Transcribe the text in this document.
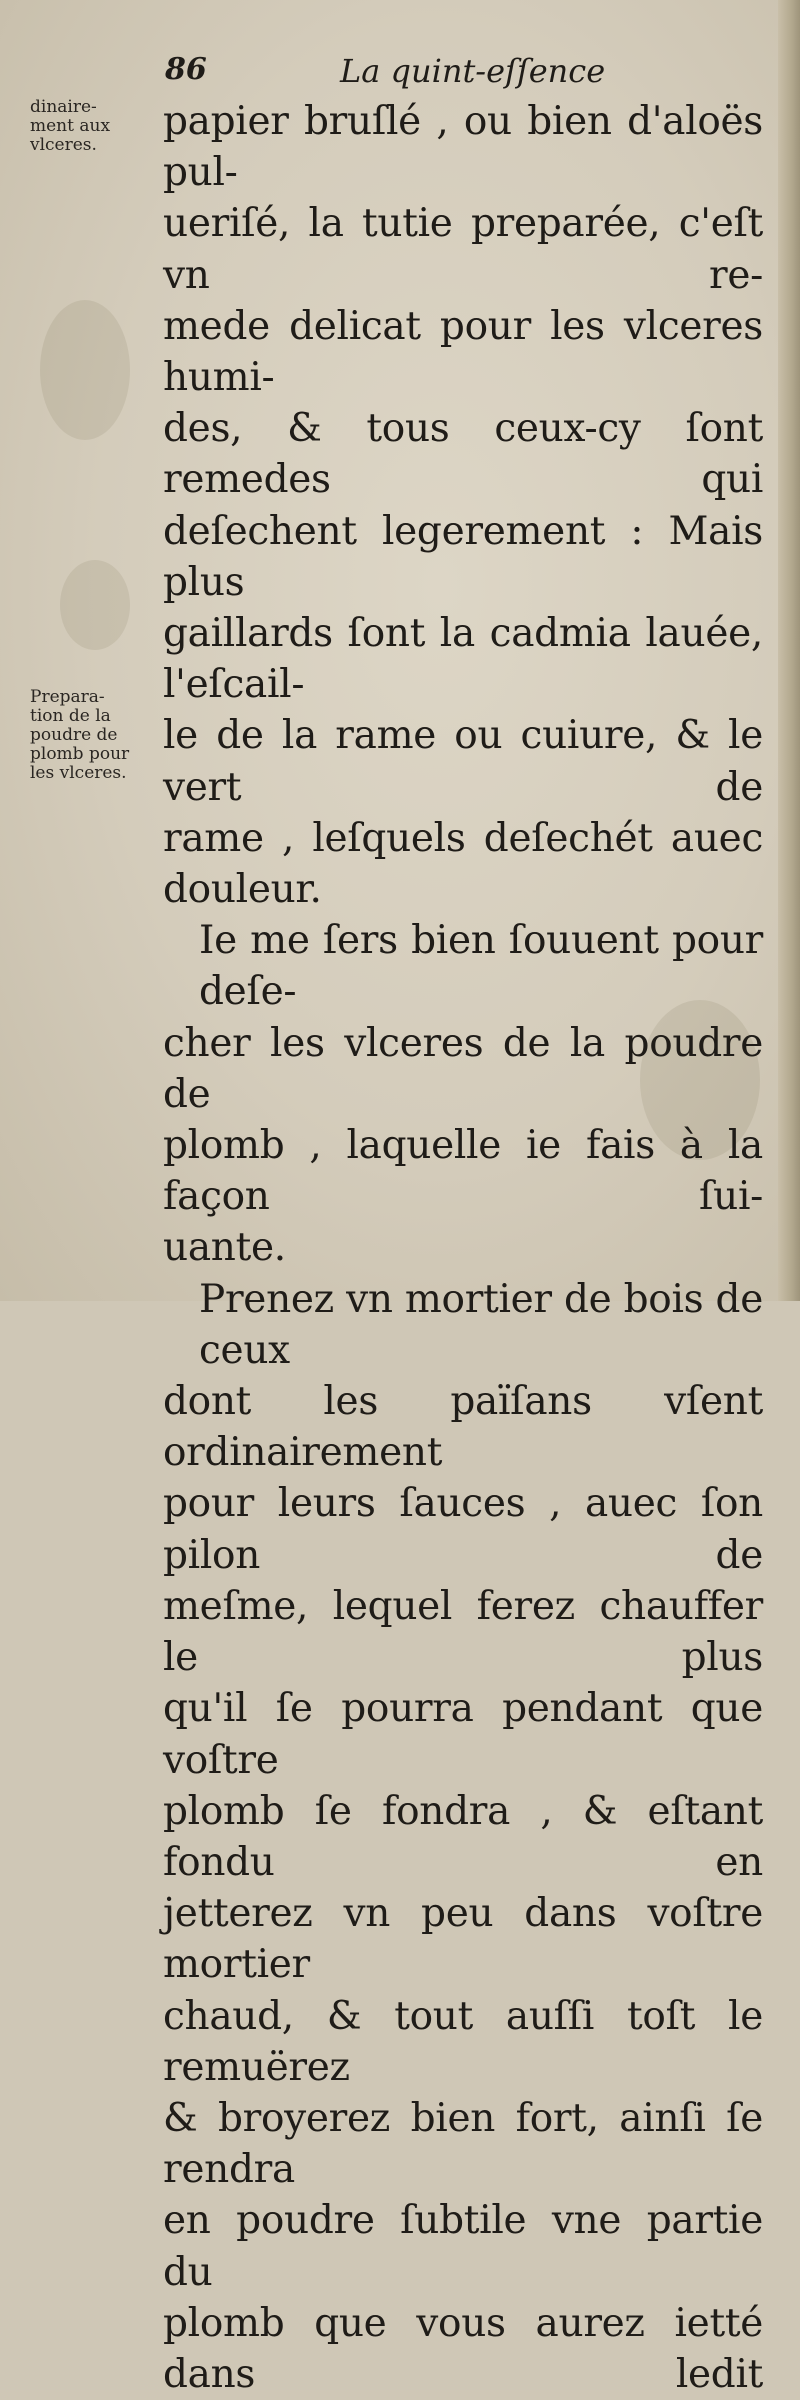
86	La quint-eſſence
dinaire-
ment aux
vlceres.
Prepara-
tion de la
poudre de
plomb pour
les vlceres.
papier bruſlé , ou bien d'aloës pul-
ueriſé, la tutie preparée, c'eſt vn re-
mede delicat pour les vlceres humi-
des, & tous ceux-cy ſont remedes qui
deſechent legerement : Mais plus
gaillards ſont la cadmia lauée, l'eſcail-
le de la rame ou cuiure, & le vert de
rame , leſquels deſechét auec douleur.
Ie me ſers bien ſouuent pour deſe-
cher les vlceres de la poudre de
plomb , laquelle ie fais à la façon ſui-
uante.
Prenez vn mortier de bois de ceux
dont les païſans vſent ordinairement
pour leurs ſauces , auec ſon pilon de
meſme, lequel ferez chauffer le plus
qu'il ſe pourra pendant que voſtre
plomb ſe fondra , & eſtant fondu en
jetterez vn peu dans voſtre mortier
chaud, & tout auſſi toſt le remuërez
& broyerez bien fort, ainſi ſe rendra
en poudre ſubtile vne partie du
plomb que vous aurez ietté dans ledit
